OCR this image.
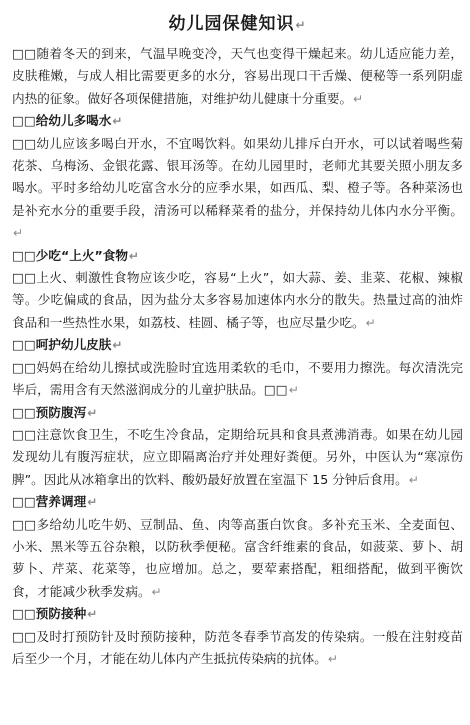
幼儿园保健知识↵

□□随着冬天的到来，气温早晚变冷，天气也变得干燥起来。幼儿适应能力差，皮肤稚嫩，与成人相比需要更多的水分，容易出现口干舌燥、便秘等一系列阴虚内热的征象。做好各项保健措施，对维护幼儿健康十分重要。↵

□□给幼儿多喝水↵

□□幼儿应该多喝白开水，不宜喝饮料。如果幼儿排斥白开水，可以试着喝些菊花茶、乌梅汤、金银花露、银耳汤等。在幼儿园里时，老师尤其要关照小朋友多喝水。平时多给幼儿吃富含水分的应季水果，如西瓜、梨、橙子等。各种菜汤也是补充水分的重要手段，清汤可以稀释菜肴的盐分，并保持幼儿体内水分平衡。↵

□□少吃“上火”食物↵

□□上火、刺激性食物应该少吃，容易“上火”，如大蒜、姜、韭菜、花椒、辣椒等。少吃偏咸的食品，因为盐分太多容易加速体内水分的散失。热量过高的油炸食品和一些热性水果，如荔枝、桂圆、橘子等，也应尽量少吃。↵

□□呵护幼儿皮肤↵

□□妈妈在给幼儿擦拭或洗脸时宜选用柔软的毛巾，不要用力擦洗。每次清洗完毕后，需用含有天然滋润成分的儿童护肤品。□□↵

□□预防腹泻↵

□□注意饮食卫生，不吃生冷食品，定期给玩具和食具煮沸消毒。如果在幼儿园发现幼儿有腹泻症状，应立即隔离治疗并处理好粪便。另外，中医认为“寒凉伤脾”。因此从冰箱拿出的饮料、酸奶最好放置在室温下 15 分钟后食用。↵

□□营养调理↵

□□多给幼儿吃牛奶、豆制品、鱼、肉等高蛋白饮食。多补充玉米、全麦面包、小米、黑米等五谷杂粮，以防秋季便秘。富含纤维素的食品，如菠菜、萝卜、胡萝卜、芹菜、花菜等，也应增加。总之，要荤素搭配，粗细搭配，做到平衡饮食，才能减少秋季发病。↵

□□预防接种↵

□□及时打预防针及时预防接种，防范冬春季节高发的传染病。一般在注射疫苗后至少一个月，才能在幼儿体内产生抵抗传染病的抗体。↵
